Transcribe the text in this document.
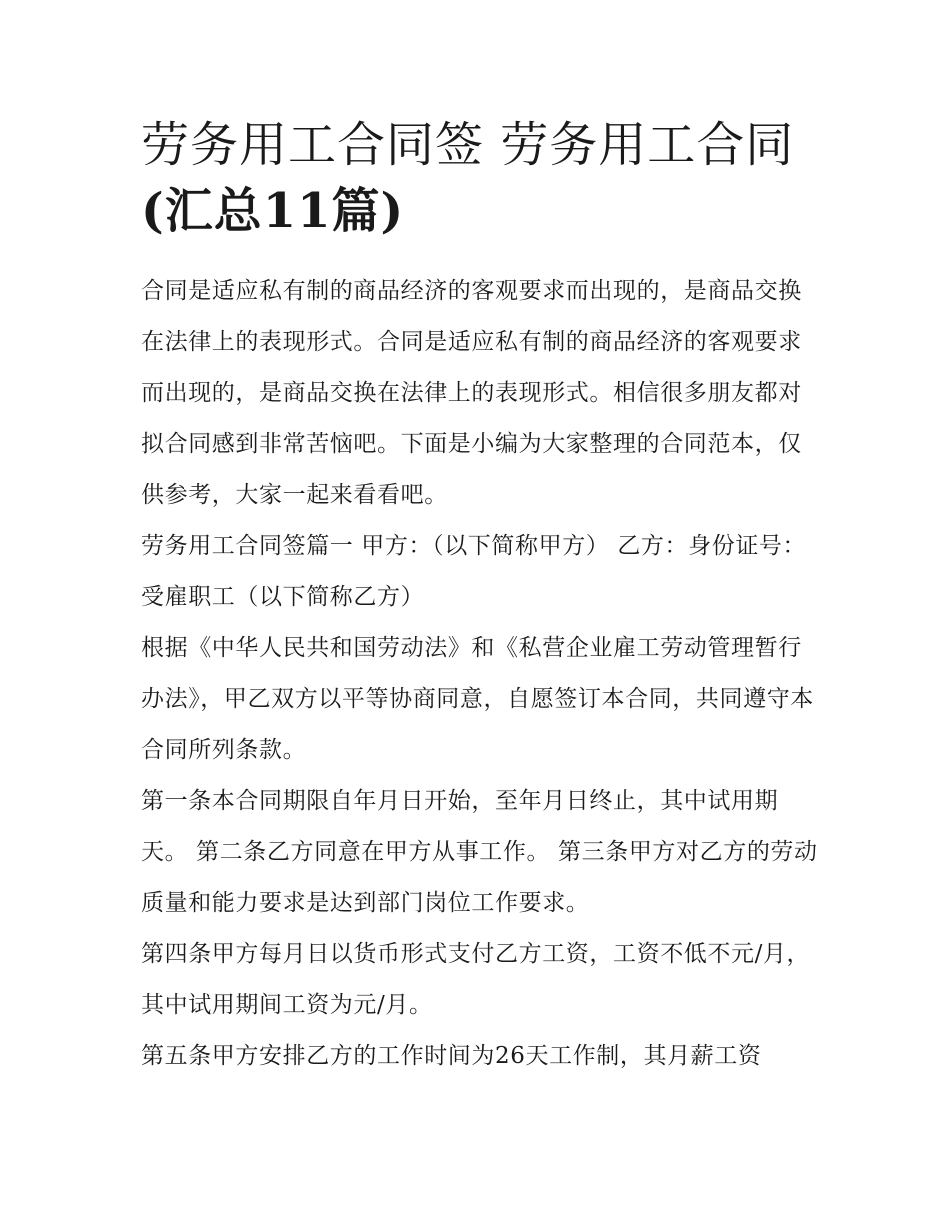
劳务用工合同签 劳务用工合同
(汇总11篇)

合同是适应私有制的商品经济的客观要求而出现的，是商品交换在法律上的表现形式。合同是适应私有制的商品经济的客观要求而出现的，是商品交换在法律上的表现形式。相信很多朋友都对拟合同感到非常苦恼吧。下面是小编为大家整理的合同范本，仅供参考，大家一起来看看吧。

劳务用工合同签篇一 甲方：（以下简称甲方） 乙方：身份证号：受雇职工（以下简称乙方）

根据《中华人民共和国劳动法》和《私营企业雇工劳动管理暂行办法》，甲乙双方以平等协商同意，自愿签订本合同，共同遵守本合同所列条款。

第一条本合同期限自年月日开始，至年月日终止，其中试用期天。 第二条乙方同意在甲方从事工作。 第三条甲方对乙方的劳动质量和能力要求是达到部门岗位工作要求。

第四条甲方每月日以货币形式支付乙方工资，工资不低不元/月，其中试用期间工资为元/月。

第五条甲方安排乙方的工作时间为26天工作制，其月薪工资
